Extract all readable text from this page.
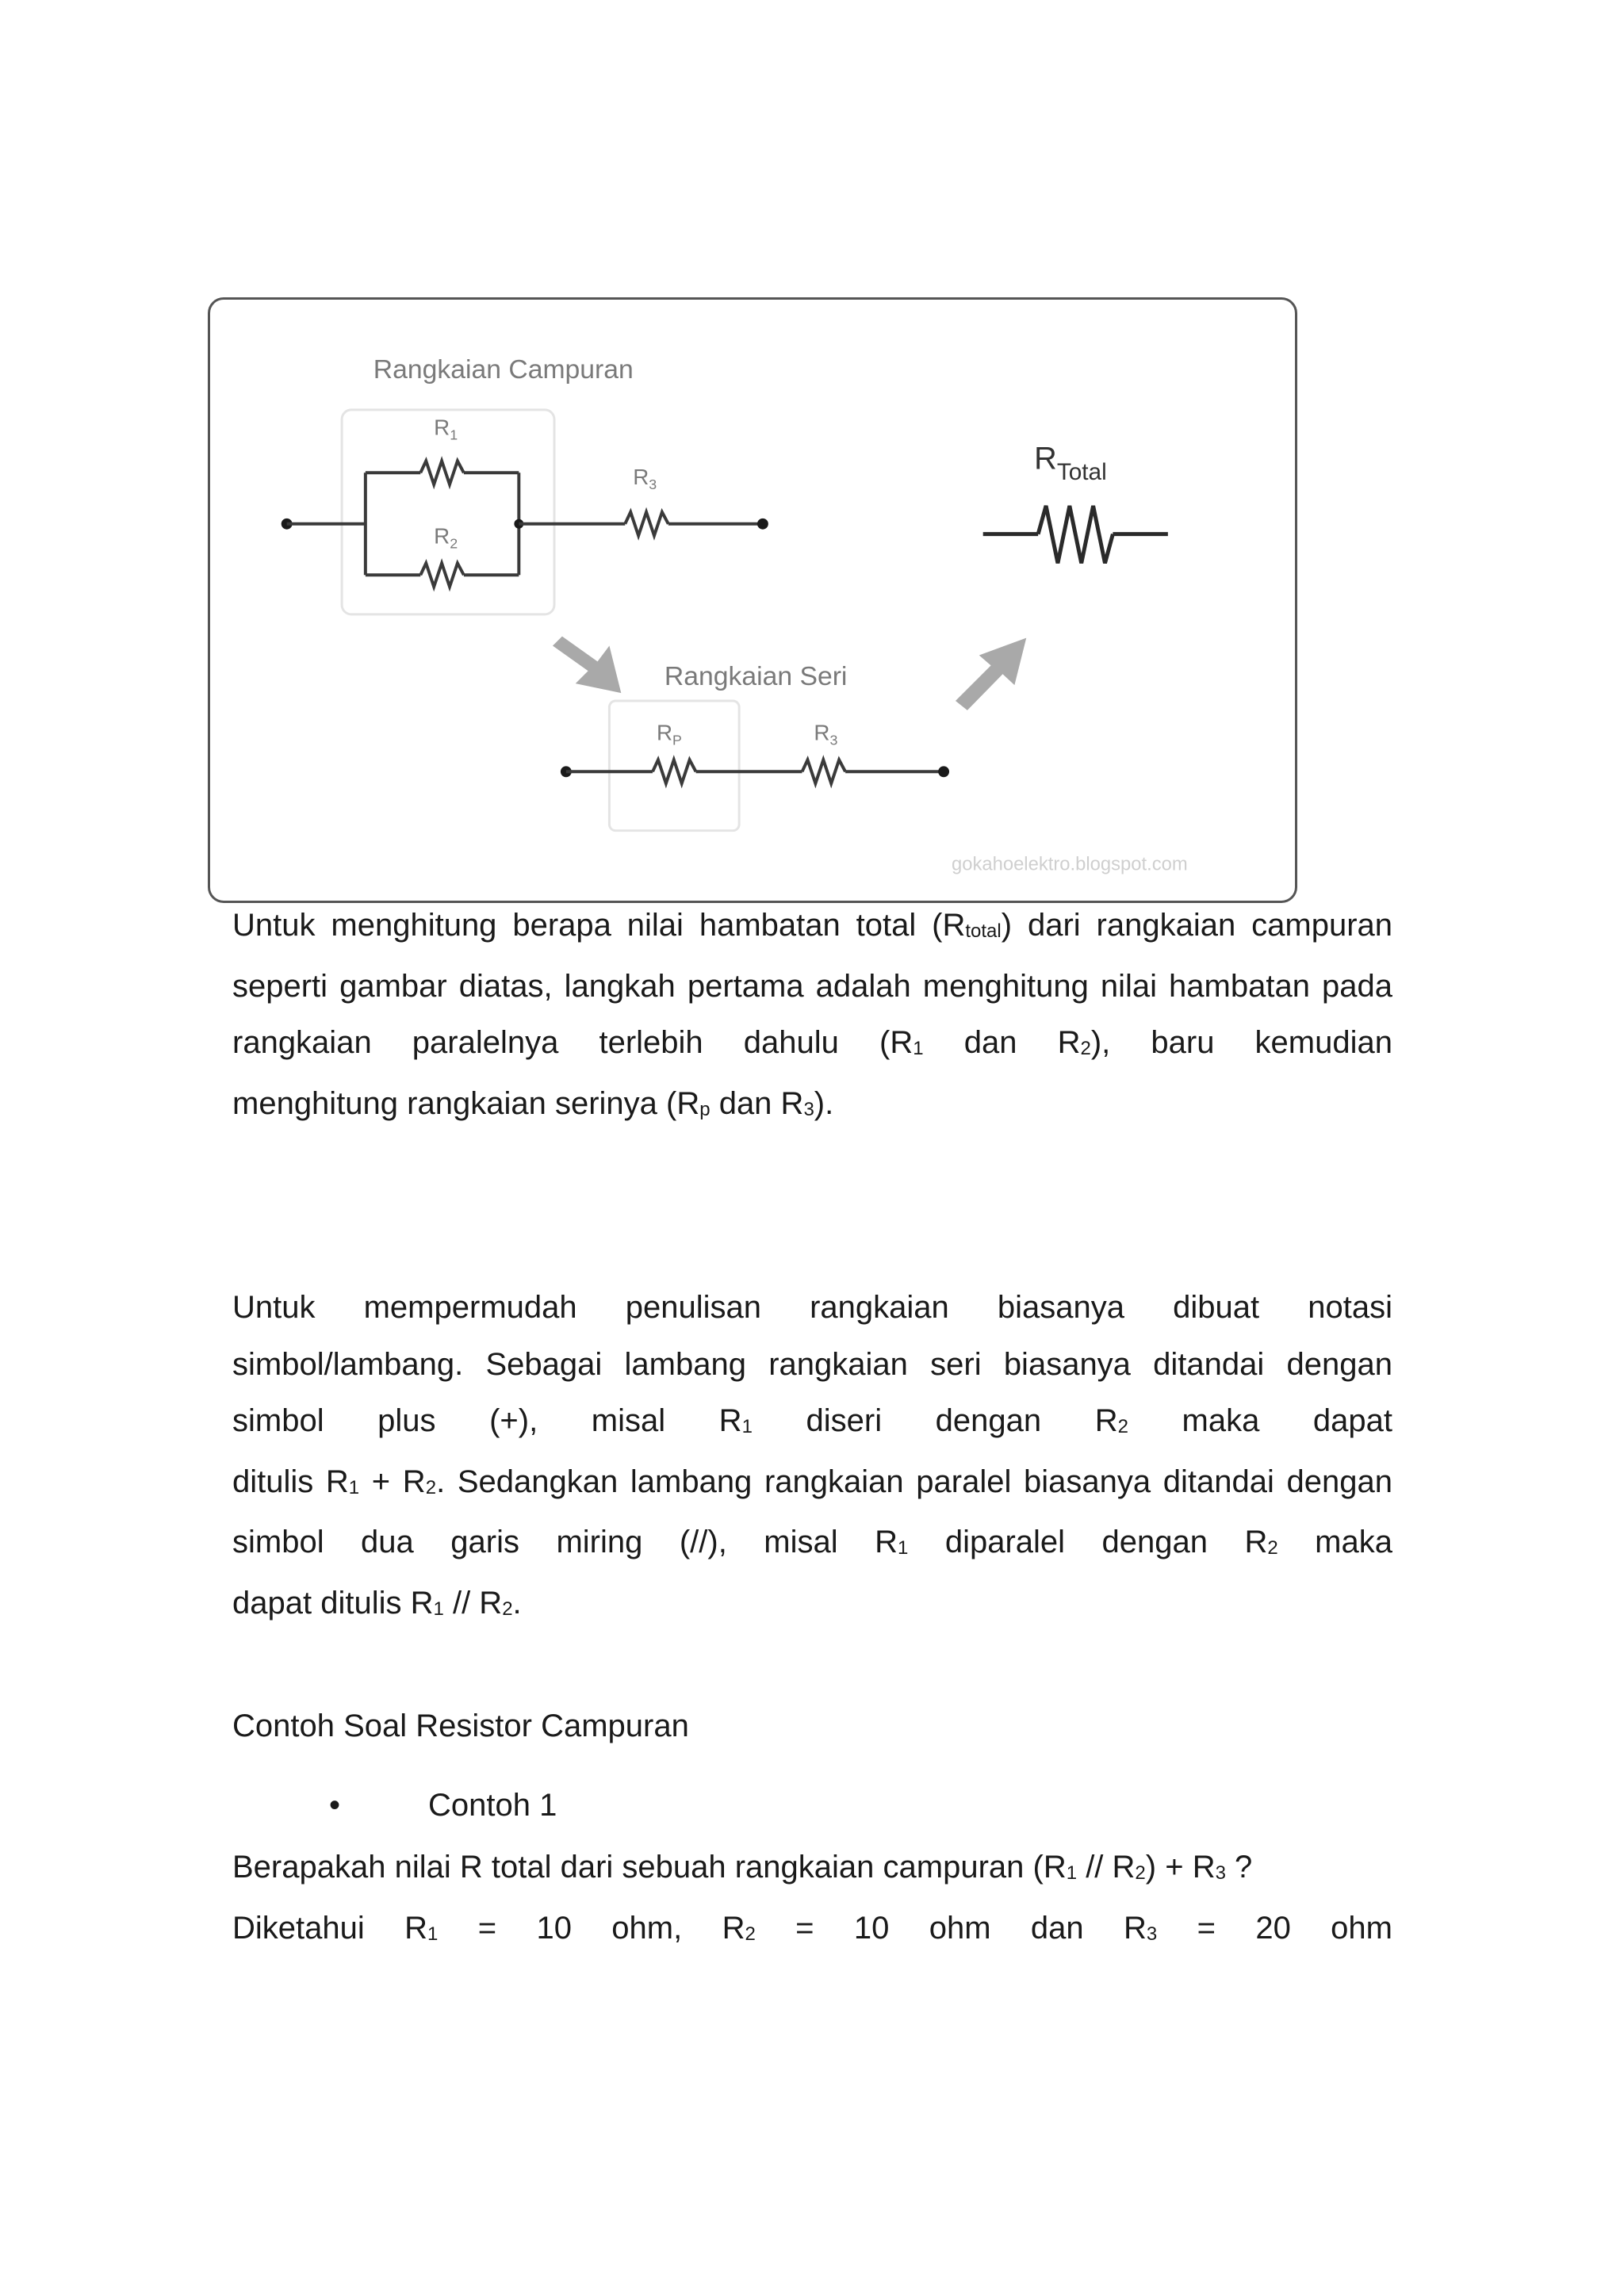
Rangkaian Campuran
$R_1$
$R_2$
$R_3$
Rangkaian Seri
$R_P$	$R_3$
$R_{Total}$
gokahoelektro.blogspot.com
Untuk menghitung berapa nilai hambatan total $(R_{total})$ dari rangkaian campuran
seperti gambar diatas, langkah pertama adalah menghitung nilai hambatan pada
rangkaian paralelnya terlebih dahulu ($R_1$ dan $R_2$), baru kemudian
menghitung rangkaian serinya ($R_p$ dan $R_3$).
Untuk mempermudah penulisan rangkaian biasanya dibuat notasi
simbol/lambang. Sebagai lambang rangkaian seri biasanya ditandai dengan
simbol plus (+), misal $R_1$ diseri dengan $R_2$ maka dapat
ditulis $R_1 + R_2$. Sedangkan lambang rangkaian paralel biasanya ditandai dengan
simbol dua garis miring (//), misal $R_1$ diparalel dengan $R_2$ maka
dapat ditulis $R_1 // R_2$.
Contoh Soal Resistor Campuran
•	Contoh 1
Berapakah nilai R total dari sebuah rangkaian campuran $(R_1 // R_2) + R_3$ ?
Diketahui $R_1 = 10$ ohm, $R_2 = 10$ ohm dan $R_3 = 20$ ohm
